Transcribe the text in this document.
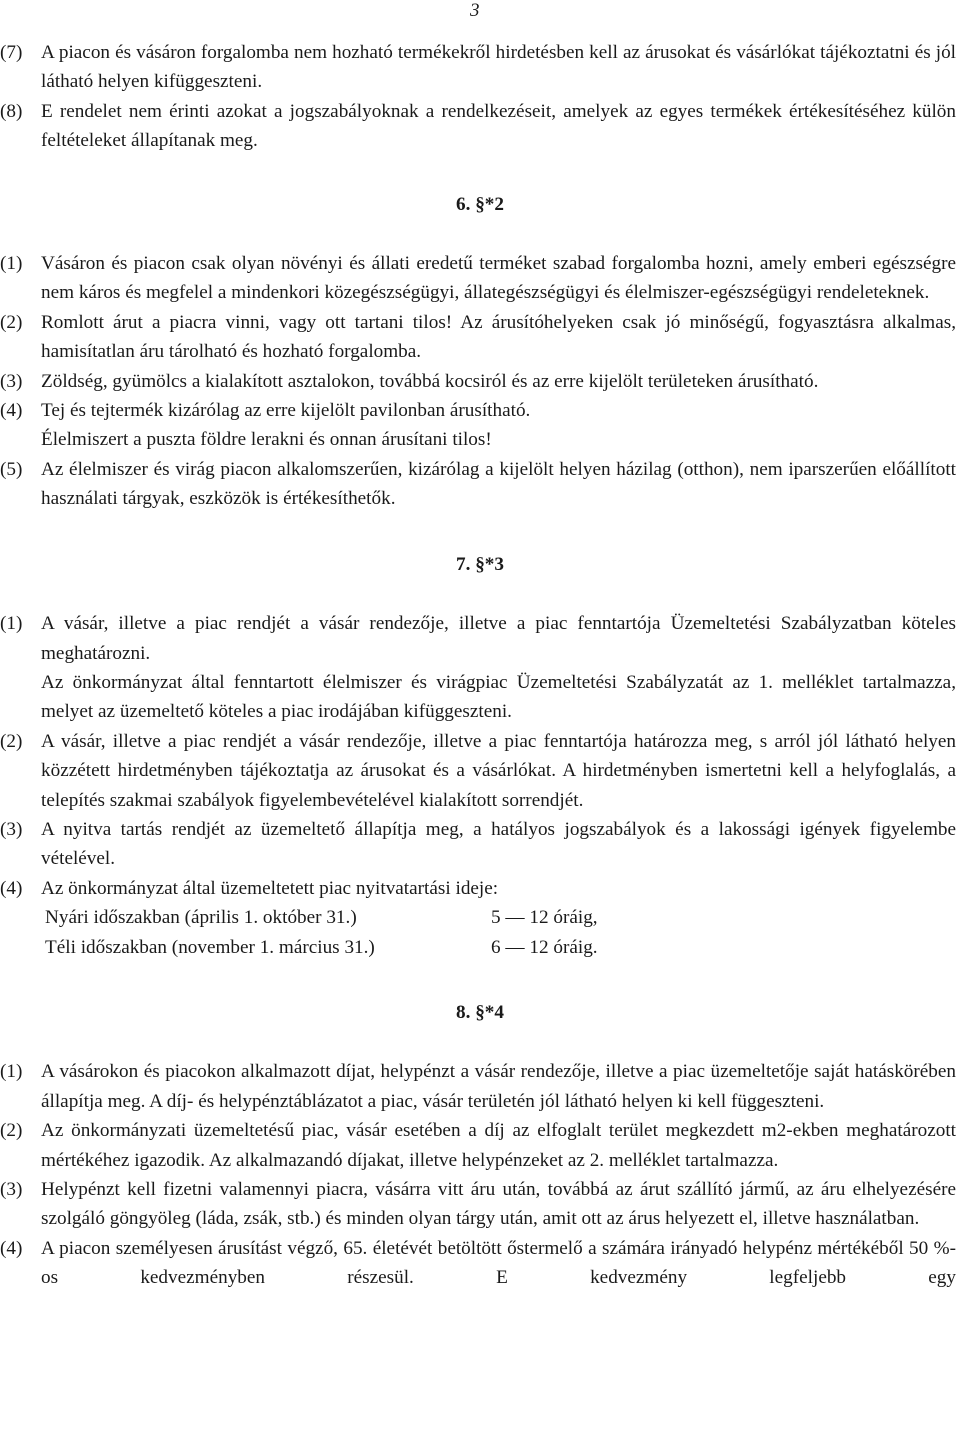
3

(7) A piacon és vásáron forgalomba nem hozható termékekről hirdetésben kell az árusokat és vásárlókat tájékoztatni és jól látható helyen kifüggeszteni.

(8) E rendelet nem érinti azokat a jogszabályoknak a rendelkezéseit, amelyek az egyes termékek értékesítéséhez külön feltételeket állapítanak meg.

6. §*2

(1) Vásáron és piacon csak olyan növényi és állati eredetű terméket szabad forgalomba hozni, amely emberi egészségre nem káros és megfelel a mindenkori közegészségügyi, állategészségügyi és élelmiszer-egészségügyi rendeleteknek.

(2) Romlott árut a piacra vinni, vagy ott tartani tilos! Az árusítóhelyeken csak jó minőségű, fogyasztásra alkalmas, hamisítatlan áru tárolható és hozható forgalomba.

(3) Zöldség, gyümölcs a kialakított asztalokon, továbbá kocsiról és az erre kijelölt területeken árusítható.

(4) Tej és tejtermék kizárólag az erre kijelölt pavilonban árusítható.

Élelmiszert a puszta földre lerakni és onnan árusítani tilos!

(5) Az élelmiszer és virág piacon alkalomszerűen, kizárólag a kijelölt helyen házilag (otthon), nem iparszerűen előállított használati tárgyak, eszközök is értékesíthetők.

7. §*3

(1) A vásár, illetve a piac rendjét a vásár rendezője, illetve a piac fenntartója Üzemeltetési Szabályzatban köteles meghatározni.

Az önkormányzat által fenntartott élelmiszer és virágpiac Üzemeltetési Szabályzatát az 1. melléklet tartalmazza, melyet az üzemeltető köteles a piac irodájában kifüggeszteni.

(2) A vásár, illetve a piac rendjét a vásár rendezője, illetve a piac fenntartója határozza meg, s arról jól látható helyen közzétett hirdetményben tájékoztatja az árusokat és a vásárlókat. A hirdetményben ismertetni kell a helyfoglalás, a telepítés szakmai szabályok figyelembevételével kialakított sorrendjét.

(3) A nyitva tartás rendjét az üzemeltető állapítja meg, a hatályos jogszabályok és a lakossági igények figyelembe vételével.

(4) Az önkormányzat által üzemeltetett piac nyitvatartási ideje:

Nyári időszakban (április 1. október 31.)	5 — 12 óráig,

Téli időszakban (november 1. március 31.)	6 — 12 óráig.

8. §*4

(1) A vásárokon és piacokon alkalmazott díjat, helypénzt a vásár rendezője, illetve a piac üzemeltetője saját hatáskörében állapítja meg. A díj- és helypénztáblázatot a piac, vásár területén jól látható helyen ki kell függeszteni.

(2) Az önkormányzati üzemeltetésű piac, vásár esetében a díj az elfoglalt terület megkezdett m2-ekben meghatározott mértékéhez igazodik. Az alkalmazandó díjakat, illetve helypénzeket az 2. melléklet tartalmazza.

(3) Helypénzt kell fizetni valamennyi piacra, vásárra vitt áru után, továbbá az árut szállító jármű, az áru elhelyezésére szolgáló göngyöleg (láda, zsák, stb.) és minden olyan tárgy után, amit ott az árus helyezett el, illetve használatban.

(4) A piacon személyesen árusítást végző, 65. életévét betöltött őstermelő a számára irányadó helypénz mértékéből 50 %-os kedvezményben részesül. E kedvezmény legfeljebb egy
